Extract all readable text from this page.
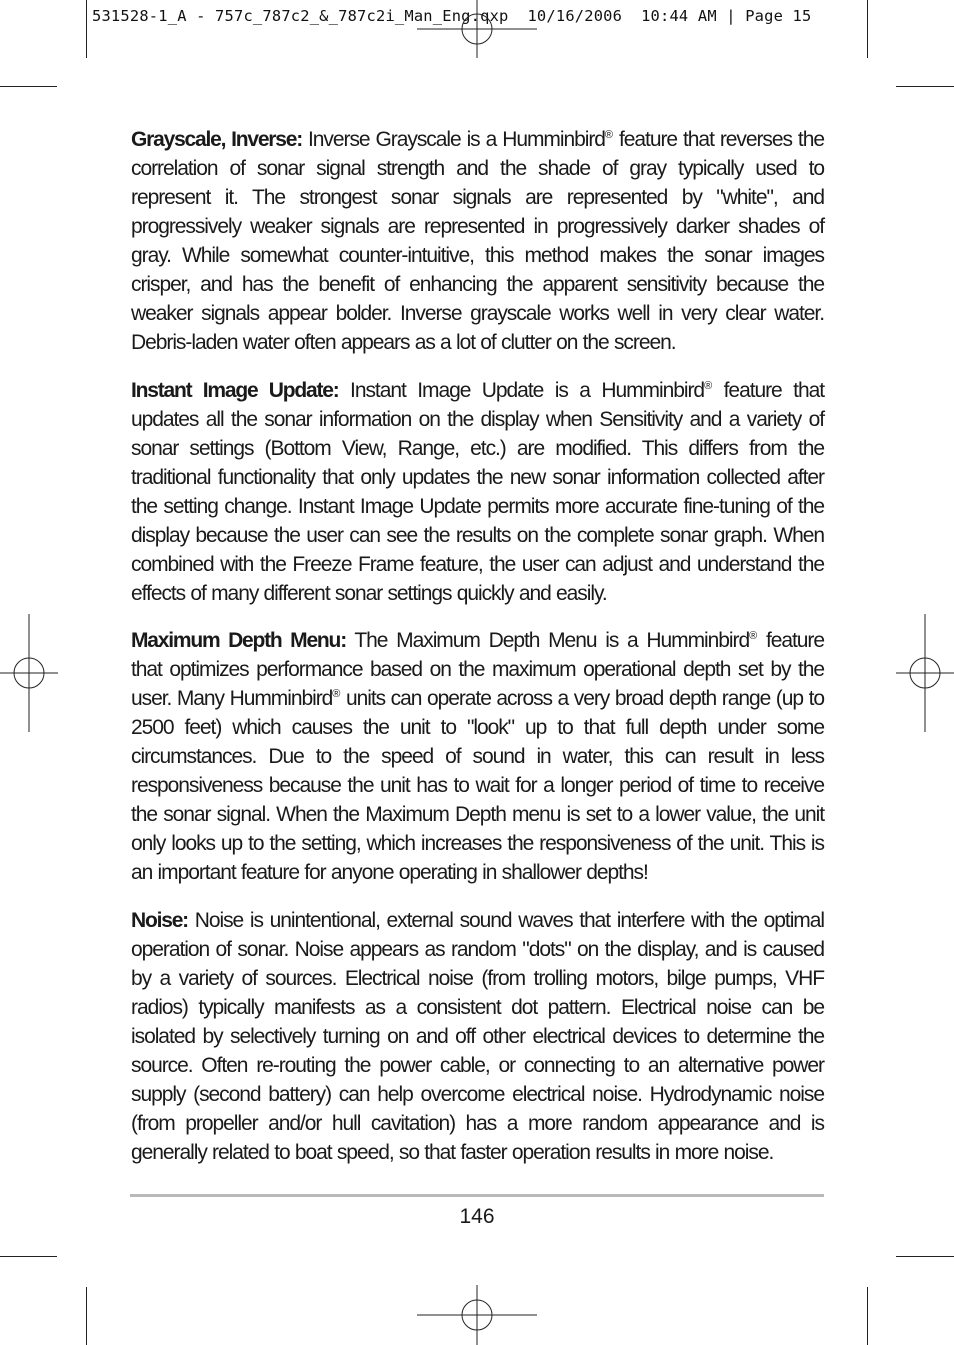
531528-1_A - 757c_787c2_&_787c2i_Man_Eng.qxp 10/16/2006 10:44 AM | Page 15

Grayscale, Inverse: Inverse Grayscale is a Humminbird® feature that reverses the correlation of sonar signal strength and the shade of gray typically used to represent it. The strongest sonar signals are represented by "white", and progressively weaker signals are represented in progressively darker shades of gray. While somewhat counter-intuitive, this method makes the sonar images crisper, and has the benefit of enhancing the apparent sensitivity because the weaker signals appear bolder. Inverse grayscale works well in very clear water. Debris-laden water often appears as a lot of clutter on the screen.

Instant Image Update: Instant Image Update is a Humminbird® feature that updates all the sonar information on the display when Sensitivity and a variety of sonar settings (Bottom View, Range, etc.) are modified. This differs from the traditional functionality that only updates the new sonar information collected after the setting change. Instant Image Update permits more accurate fine-tuning of the display because the user can see the results on the complete sonar graph. When combined with the Freeze Frame feature, the user can adjust and understand the effects of many different sonar settings quickly and easily.

Maximum Depth Menu: The Maximum Depth Menu is a Humminbird® feature that optimizes performance based on the maximum operational depth set by the user. Many Humminbird® units can operate across a very broad depth range (up to 2500 feet) which causes the unit to "look" up to that full depth under some circumstances. Due to the speed of sound in water, this can result in less responsiveness because the unit has to wait for a longer period of time to receive the sonar signal. When the Maximum Depth menu is set to a lower value, the unit only looks up to the setting, which increases the responsiveness of the unit. This is an important feature for anyone operating in shallower depths!

Noise: Noise is unintentional, external sound waves that interfere with the optimal operation of sonar. Noise appears as random "dots" on the display, and is caused by a variety of sources. Electrical noise (from trolling motors, bilge pumps, VHF radios) typically manifests as a consistent dot pattern. Electrical noise can be isolated by selectively turning on and off other electrical devices to determine the source. Often re-routing the power cable, or connecting to an alternative power supply (second battery) can help overcome electrical noise. Hydrodynamic noise (from propeller and/or hull cavitation) has a more random appearance and is generally related to boat speed, so that faster operation results in more noise.

146
